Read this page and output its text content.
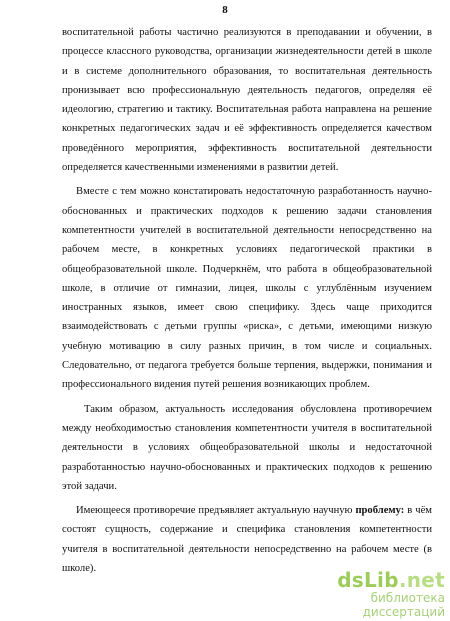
8

воспитательной работы частично реализуются в преподавании и обучении, в процессе классного руководства, организации жизнедеятельности детей в школе и в системе дополнительного образования, то воспитательная деятельность пронизывает всю профессиональную деятельность педагогов, определяя её идеологию, стратегию и тактику. Воспитательная работа направлена на решение конкретных педагогических задач и её эффективность определяется качеством проведённого мероприятия, эффективность воспитательной деятельности определяется качественными изменениями в развитии детей.

Вместе с тем можно констатировать недостаточную разработанность научно-обоснованных и практических подходов к решению задачи становления компетентности учителей в воспитательной деятельности непосредственно на рабочем месте, в конкретных условиях педагогической практики в общеобразовательной школе. Подчеркнём, что работа в общеобразовательной школе, в отличие от гимназии, лицея, школы с углублённым изучением иностранных языков, имеет свою специфику. Здесь чаще приходится взаимодействовать с детьми группы «риска», с детьми, имеющими низкую учебную мотивацию в силу разных причин, в том числе и социальных. Следовательно, от педагога требуется больше терпения, выдержки, понимания и профессионального видения путей решения возникающих проблем.

Таким образом, актуальность исследования обусловлена противоречием между необходимостью становления компетентности учителя в воспитательной деятельности в условиях общеобразовательной школы и недостаточной разработанностью научно-обоснованных и практических подходов к решению этой задачи.

Имеющееся противоречие предъявляет актуальную научную проблему: в чём состоят сущность, содержание и специфика становления компетентности учителя в воспитательной деятельности непосредственно на рабочем месте (в школе).	dsLib.net
библиотека диссертаций
